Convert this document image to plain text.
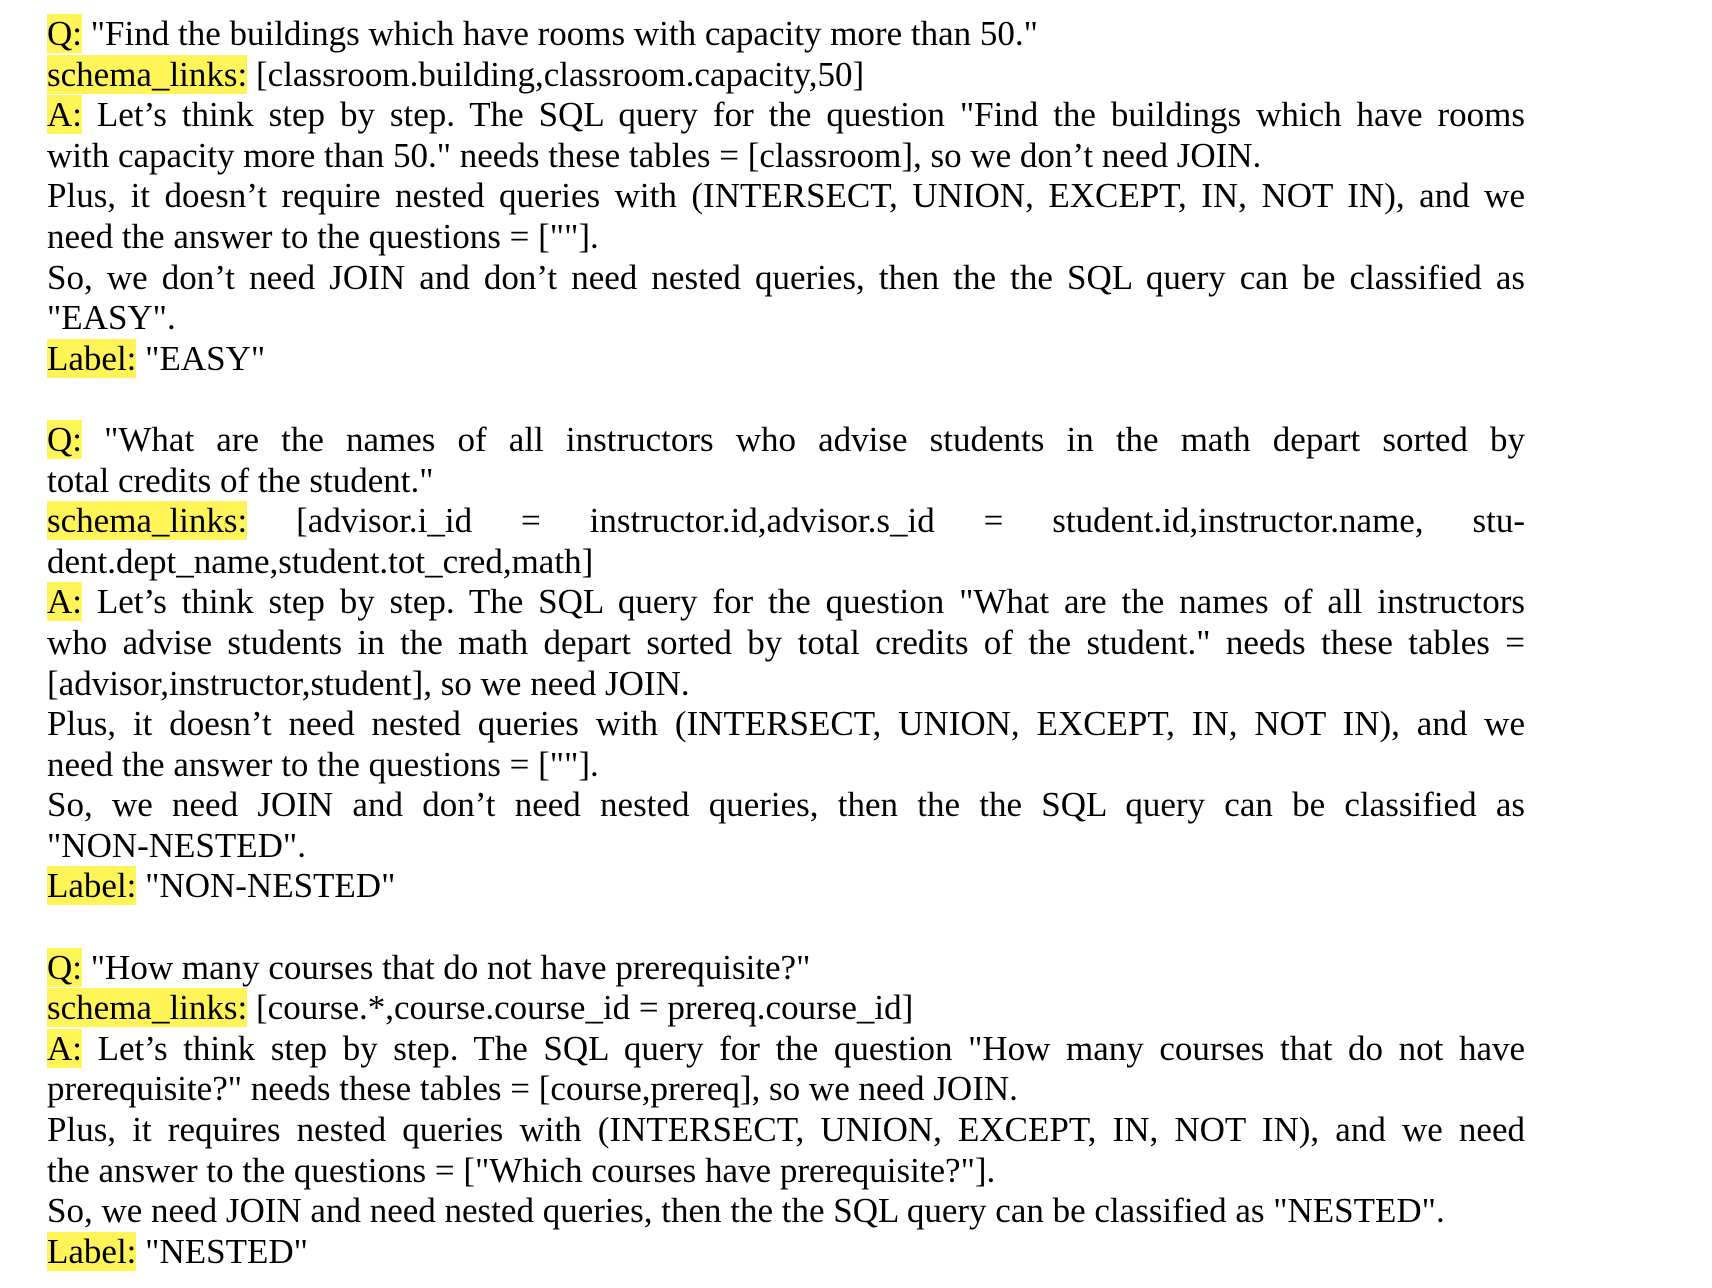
Q: "Find the buildings which have rooms with capacity more than 50."
schema_links: [classroom.building,classroom.capacity,50]
A: Let’s think step by step. The SQL query for the question "Find the buildings which have rooms
with capacity more than 50." needs these tables = [classroom], so we don’t need JOIN.
Plus, it doesn’t require nested queries with (INTERSECT, UNION, EXCEPT, IN, NOT IN), and we
need the answer to the questions = [""].
So, we don’t need JOIN and don’t need nested queries, then the the SQL query can be classified as
"EASY".
Label: "EASY"
Q: "What are the names of all instructors who advise students in the math depart sorted by
total credits of the student."
schema_links: [advisor.i_id = instructor.id,advisor.s_id = student.id,instructor.name, stu-
dent.dept_name,student.tot_cred,math]
A: Let’s think step by step. The SQL query for the question "What are the names of all instructors
who advise students in the math depart sorted by total credits of the student." needs these tables =
[advisor,instructor,student], so we need JOIN.
Plus, it doesn’t need nested queries with (INTERSECT, UNION, EXCEPT, IN, NOT IN), and we
need the answer to the questions = [""].
So, we need JOIN and don’t need nested queries, then the the SQL query can be classified as
"NON-NESTED".
Label: "NON-NESTED"
Q: "How many courses that do not have prerequisite?"
schema_links: [course.*,course.course_id = prereq.course_id]
A: Let’s think step by step. The SQL query for the question "How many courses that do not have
prerequisite?" needs these tables = [course,prereq], so we need JOIN.
Plus, it requires nested queries with (INTERSECT, UNION, EXCEPT, IN, NOT IN), and we need
the answer to the questions = ["Which courses have prerequisite?"].
So, we need JOIN and need nested queries, then the the SQL query can be classified as "NESTED".
Label: "NESTED"
